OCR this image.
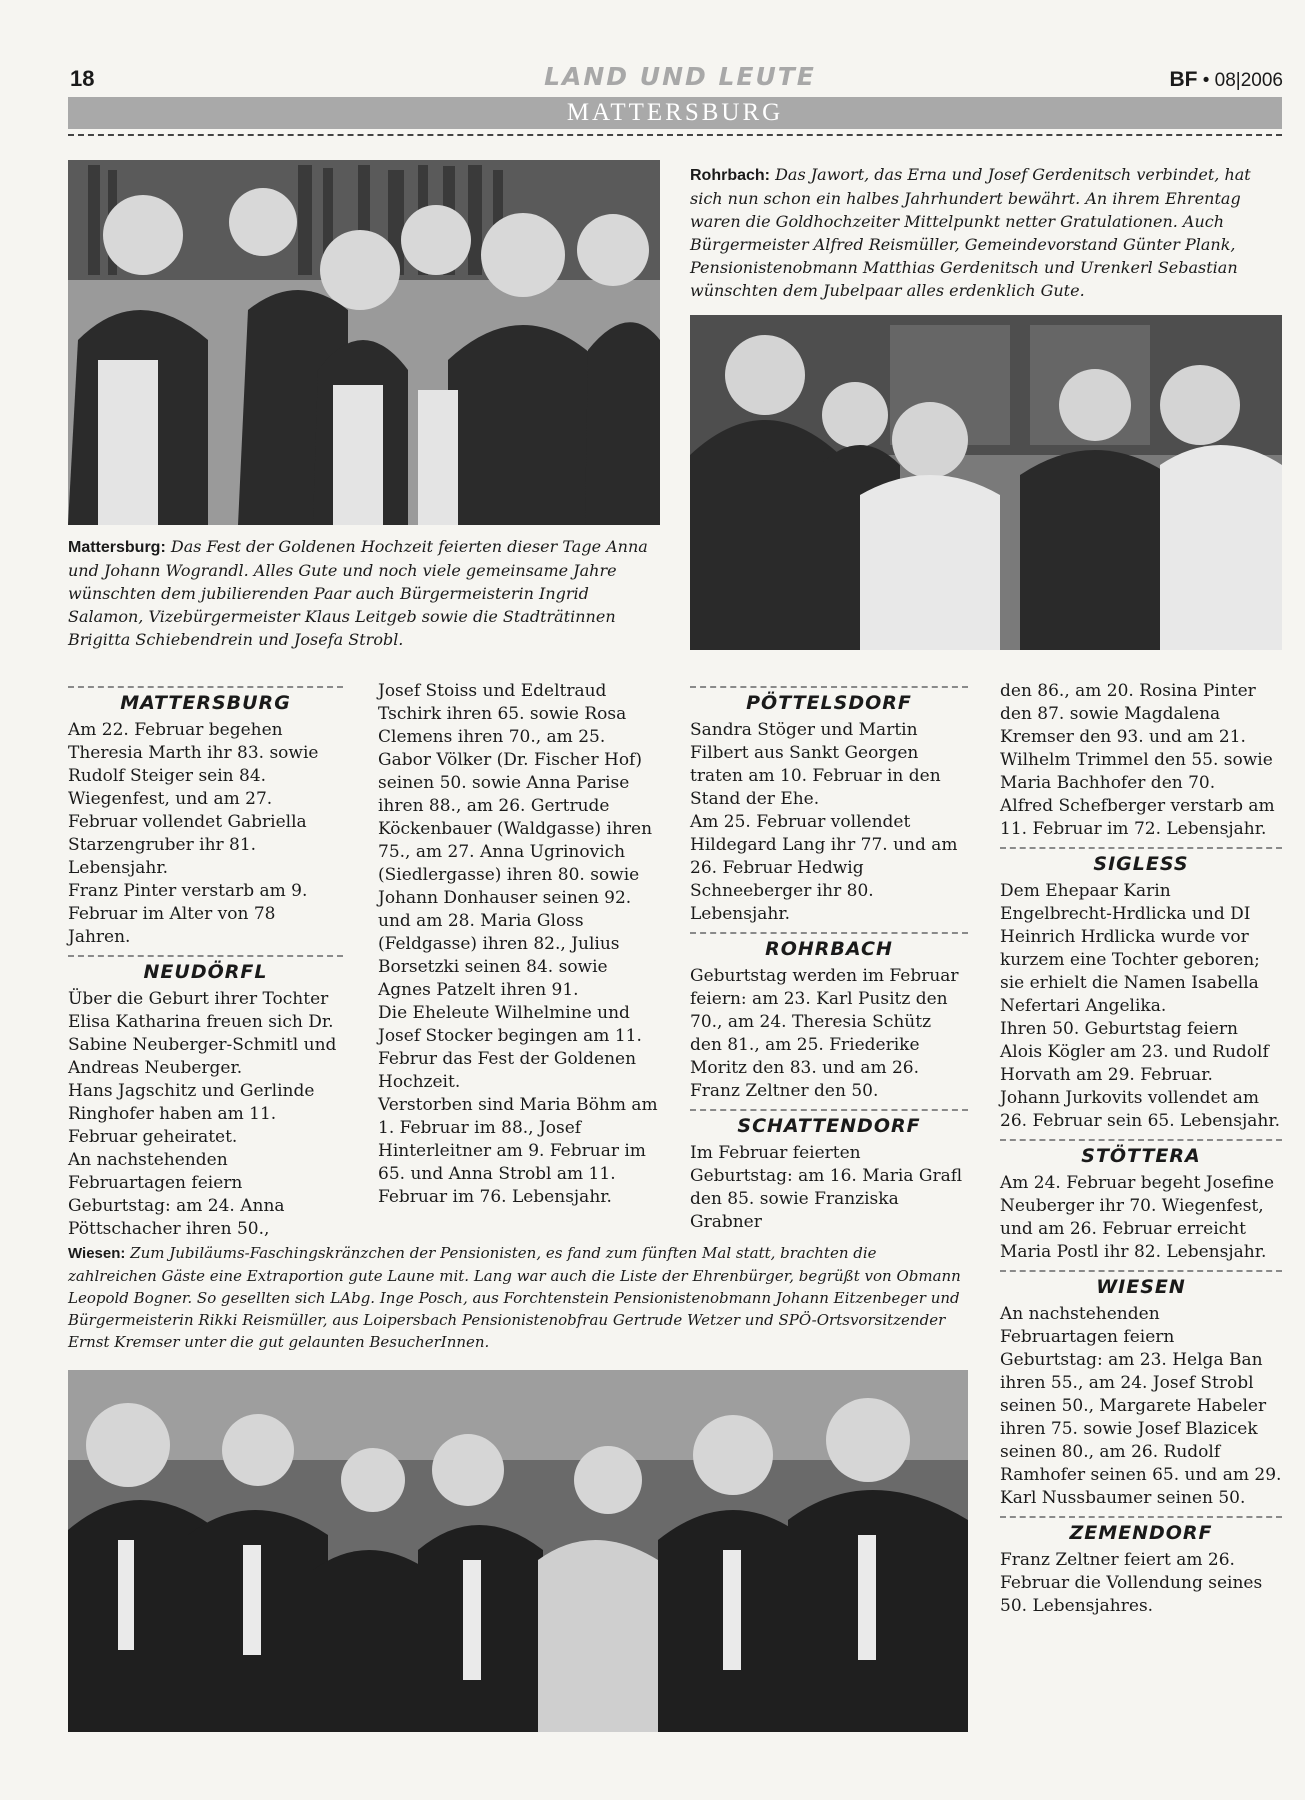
18	LAND UND LEUTE	BF • 08|2006
MATTERSBURG
Mattersburg: Das Fest der Goldenen Hochzeit feierten dieser Tage Anna und Johann Wograndl. Alles Gute und noch viele gemeinsame Jahre wünschten dem jubilierenden Paar auch Bürgermeisterin Ingrid Salamon, Vizebürgermeister Klaus Leitgeb sowie die Stadträtinnen Brigitta Schiebendrein und Josefa Strobl.
Rohrbach: Das Jawort, das Erna und Josef Gerdenitsch verbindet, hat sich nun schon ein halbes Jahrhundert bewährt. An ihrem Ehrentag waren die Goldhochzeiter Mittelpunkt netter Gratulationen. Auch Bürgermeister Alfred Reismüller, Gemeindevorstand Günter Plank, Pensionistenobmann Matthias Gerdenitsch und Urenkerl Sebastian wünschten dem Jubelpaar alles erdenklich Gute.
MATTERSBURG

Am 22. Februar begehen Theresia Marth ihr 83. sowie Rudolf Steiger sein 84. Wiegenfest, und am 27. Februar vollendet Gabriella Starzengruber ihr 81. Lebensjahr.

Franz Pinter verstarb am 9. Februar im Alter von 78 Jahren.

NEUDÖRFL

Über die Geburt ihrer Tochter Elisa Katharina freuen sich Dr. Sabine Neuberger-Schmitl und Andreas Neuberger.

Hans Jagschitz und Gerlinde Ringhofer haben am 11. Februar geheiratet.

An nachstehenden Februartagen feiern Geburtstag: am 24. Anna Pöttschacher ihren 50.,

Josef Stoiss und Edeltraud Tschirk ihren 65. sowie Rosa Clemens ihren 70., am 25. Gabor Völker (Dr. Fischer Hof) seinen 50. sowie Anna Parise ihren 88., am 26. Gertrude Köckenbauer (Waldgasse) ihren 75., am 27. Anna Ugrinovich (Siedlergasse) ihren 80. sowie Johann Donhauser seinen 92. und am 28. Maria Gloss (Feldgasse) ihren 82., Julius Borsetzki seinen 84. sowie Agnes Patzelt ihren 91.

Die Eheleute Wilhelmine und Josef Stocker begingen am 11. Februr das Fest der Goldenen Hochzeit.

Verstorben sind Maria Böhm am 1. Februar im 88., Josef Hinterleitner am 9. Februar im 65. und Anna Strobl am 11. Februar im 76. Lebensjahr.

PÖTTELSDORF

Sandra Stöger und Martin Filbert aus Sankt Georgen traten am 10. Februar in den Stand der Ehe.

Am 25. Februar vollendet Hildegard Lang ihr 77. und am 26. Februar Hedwig Schneeberger ihr 80. Lebensjahr.

ROHRBACH

Geburtstag werden im Februar feiern: am 23. Karl Pusitz den 70., am 24. Theresia Schütz den 81., am 25. Friederike Moritz den 83. und am 26. Franz Zeltner den 50.

SCHATTENDORF

Im Februar feierten Geburtstag: am 16. Maria Grafl den 85. sowie Franziska Grabner

den 86., am 20. Rosina Pinter den 87. sowie Magdalena Kremser den 93. und am 21. Wilhelm Trimmel den 55. sowie Maria Bachhofer den 70.

Alfred Schefberger verstarb am 11. Februar im 72. Lebensjahr.

SIGLESS

Dem Ehepaar Karin Engelbrecht-Hrdlicka und DI Heinrich Hrdlicka wurde vor kurzem eine Tochter geboren; sie erhielt die Namen Isabella Nefertari Angelika.

Ihren 50. Geburtstag feiern Alois Kögler am 23. und Rudolf Horvath am 29. Februar.

Johann Jurkovits vollendet am 26. Februar sein 65. Lebensjahr.

STÖTTERA

Am 24. Februar begeht Josefine Neuberger ihr 70. Wiegenfest, und am 26. Februar erreicht Maria Postl ihr 82. Lebensjahr.

WIESEN

An nachstehenden Februartagen feiern Geburtstag: am 23. Helga Ban ihren 55., am 24. Josef Strobl seinen 50., Margarete Habeler ihren 75. sowie Josef Blazicek seinen 80., am 26. Rudolf Ramhofer seinen 65. und am 29. Karl Nussbaumer seinen 50.

ZEMENDORF

Franz Zeltner feiert am 26. Februar die Vollendung seines 50. Lebensjahres.

Wiesen: Zum Jubiläums-Faschingskränzchen der Pensionisten, es fand zum fünften Mal statt, brachten die zahlreichen Gäste eine Extraportion gute Laune mit. Lang war auch die Liste der Ehrenbürger, begrüßt von Obmann Leopold Bogner. So gesellten sich LAbg. Inge Posch, aus Forchtenstein Pensionistenobmann Johann Eitzenbeger und Bürgermeisterin Rikki Reismüller, aus Loipersbach Pensionistenobfrau Gertrude Wetzer und SPÖ-Ortsvorsitzender Ernst Kremser unter die gut gelaunten BesucherInnen.
